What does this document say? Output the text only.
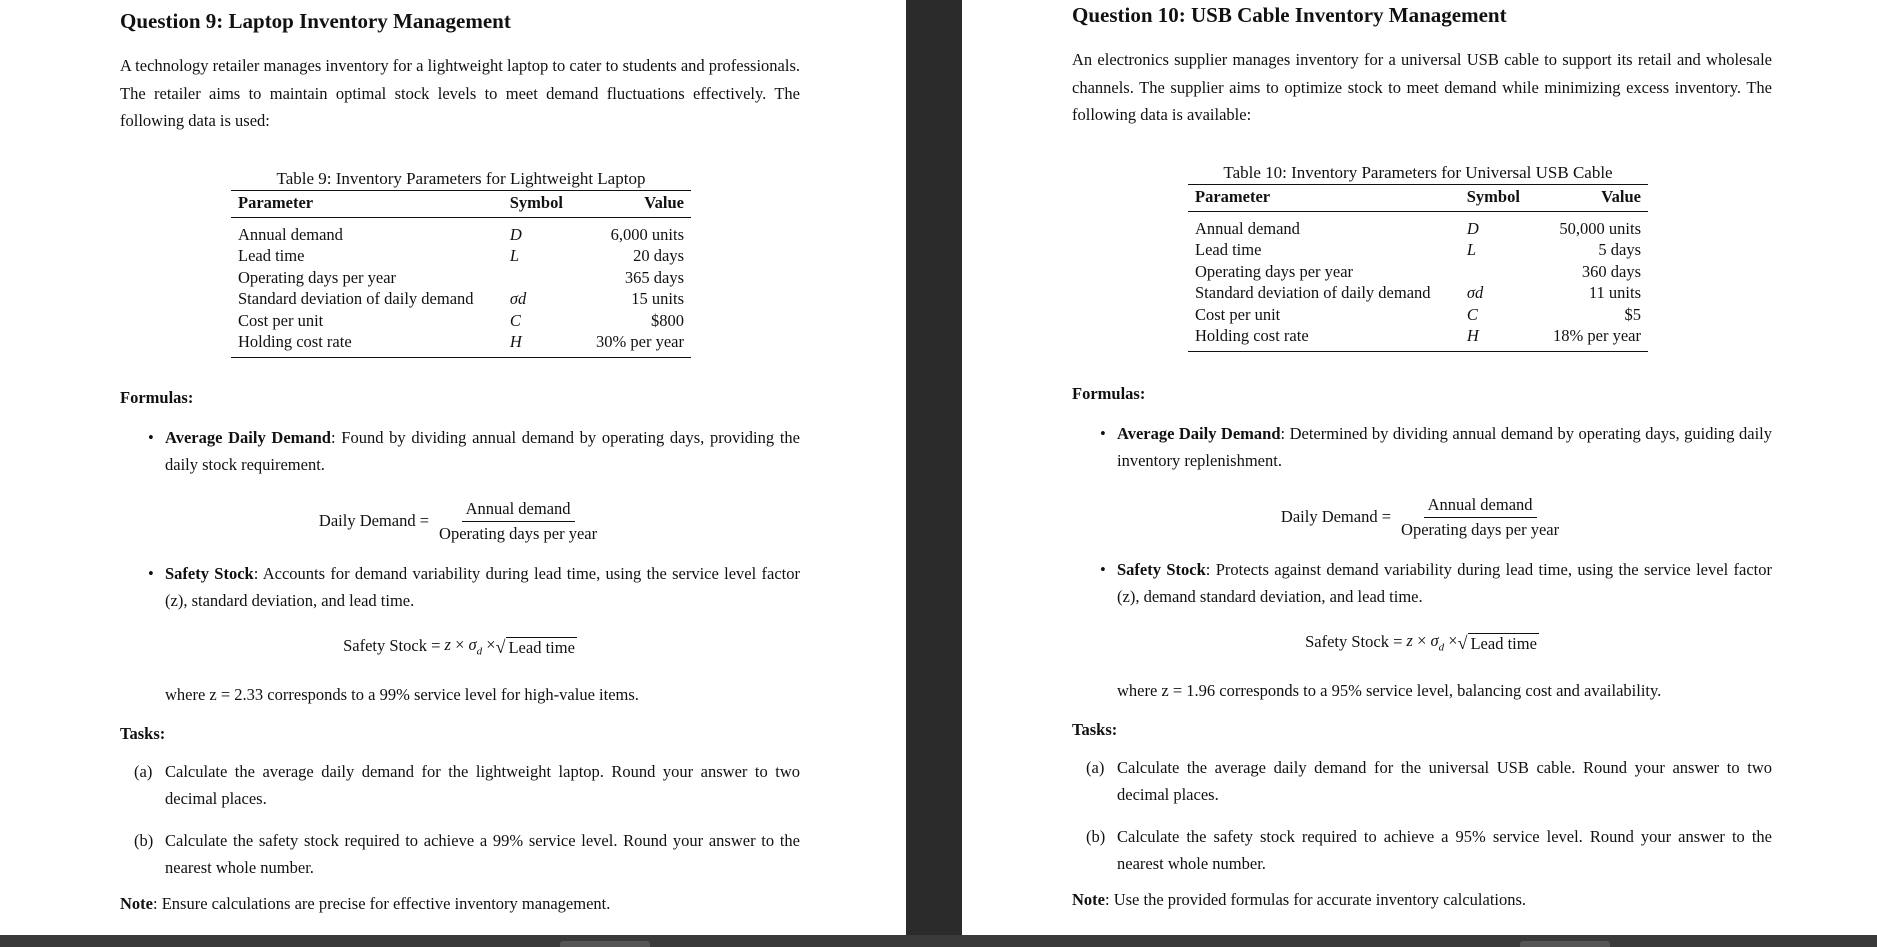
Question 9: Laptop Inventory Management

A technology retailer manages inventory for a lightweight laptop to cater to students and professionals. The retailer aims to maintain optimal stock levels to meet demand fluctuations effectively. The following data is used:

Table 9: Inventory Parameters for Lightweight Laptop
Parameter	Symbol	Value
Annual demand	D	6,000 units
Lead time	L	20 days
Operating days per year		365 days
Standard deviation of daily demand	σd	15 units
Cost per unit	C	$800
Holding cost rate	H	30% per year
Formulas:
• Average Daily Demand: Found by dividing annual demand by operating days, providing the daily stock requirement.
Daily Demand = $\frac{\text{Annual demand}}{\text{Operating days per year}}$
• Safety Stock: Accounts for demand variability during lead time, using the service level factor (z), standard deviation, and lead time.
Safety Stock = $z \times \sigma_d$ × √ Lead time
where z = 2.33 corresponds to a 99% service level for high-value items.
Tasks:
(a) Calculate the average daily demand for the lightweight laptop. Round your answer to two decimal places.
(b) Calculate the safety stock required to achieve a 99% service level. Round your answer to the nearest whole number.
Note: Ensure calculations are precise for effective inventory management.
Question 10: USB Cable Inventory Management

An electronics supplier manages inventory for a universal USB cable to support its retail and wholesale channels. The supplier aims to optimize stock to meet demand while minimizing excess inventory. The following data is available:

Table 10: Inventory Parameters for Universal USB Cable
Parameter	Symbol	Value
Annual demand	D	50,000 units
Lead time	L	5 days
Operating days per year		360 days
Standard deviation of daily demand	σd	11 units
Cost per unit	C	$5
Holding cost rate	H	18% per year
Formulas:
• Average Daily Demand: Determined by dividing annual demand by operating days, guiding daily inventory replenishment.
Daily Demand = $\frac{\text{Annual demand}}{\text{Operating days per year}}$
• Safety Stock: Protects against demand variability during lead time, using the service level factor (z), demand standard deviation, and lead time.
Safety Stock = $z \times \sigma_d$ × √ Lead time
where z = 1.96 corresponds to a 95% service level, balancing cost and availability.
Tasks:
(a) Calculate the average daily demand for the universal USB cable. Round your answer to two decimal places.
(b) Calculate the safety stock required to achieve a 95% service level. Round your answer to the nearest whole number.
Note: Use the provided formulas for accurate inventory calculations.
